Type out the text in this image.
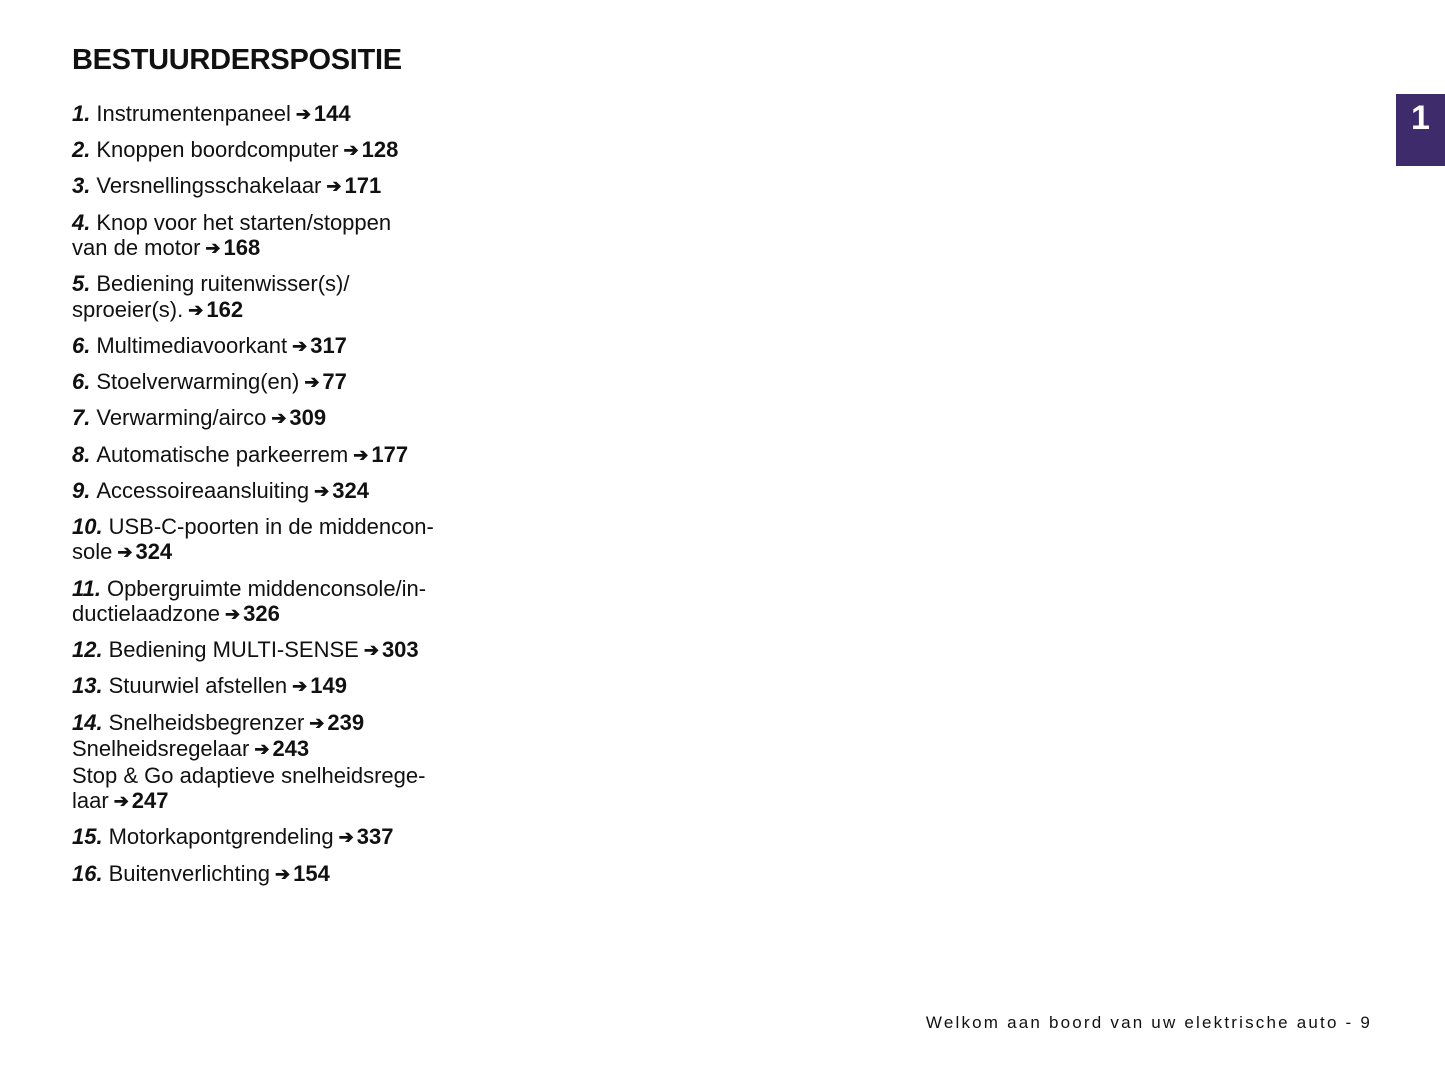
BESTUURDERSPOSITIE
1
1. Instrumentenpaneel ➔ 144
2. Knoppen boordcomputer ➔ 128
3. Versnellingsschakelaar ➔ 171
4. Knop voor het starten/stoppen
van de motor ➔ 168
5. Bediening ruitenwisser(s)/
sproeier(s). ➔ 162
6. Multimediavoorkant ➔ 317
6. Stoelverwarming(en) ➔ 77
7. Verwarming/airco ➔ 309
8. Automatische parkeerrem ➔ 177
9. Accessoireaansluiting ➔ 324
10. USB-C-poorten in de middencon-
sole ➔ 324
11. Opbergruimte middenconsole/in-
ductielaadzone ➔ 326
12. Bediening MULTI-SENSE ➔ 303
13. Stuurwiel afstellen ➔ 149
14. Snelheidsbegrenzer ➔ 239
Snelheidsregelaar ➔ 243
Stop & Go adaptieve snelheidsrege-
laar ➔ 247
15. Motorkapontgrendeling ➔ 337
16. Buitenverlichting ➔ 154
Welkom aan boord van uw elektrische auto - 9
